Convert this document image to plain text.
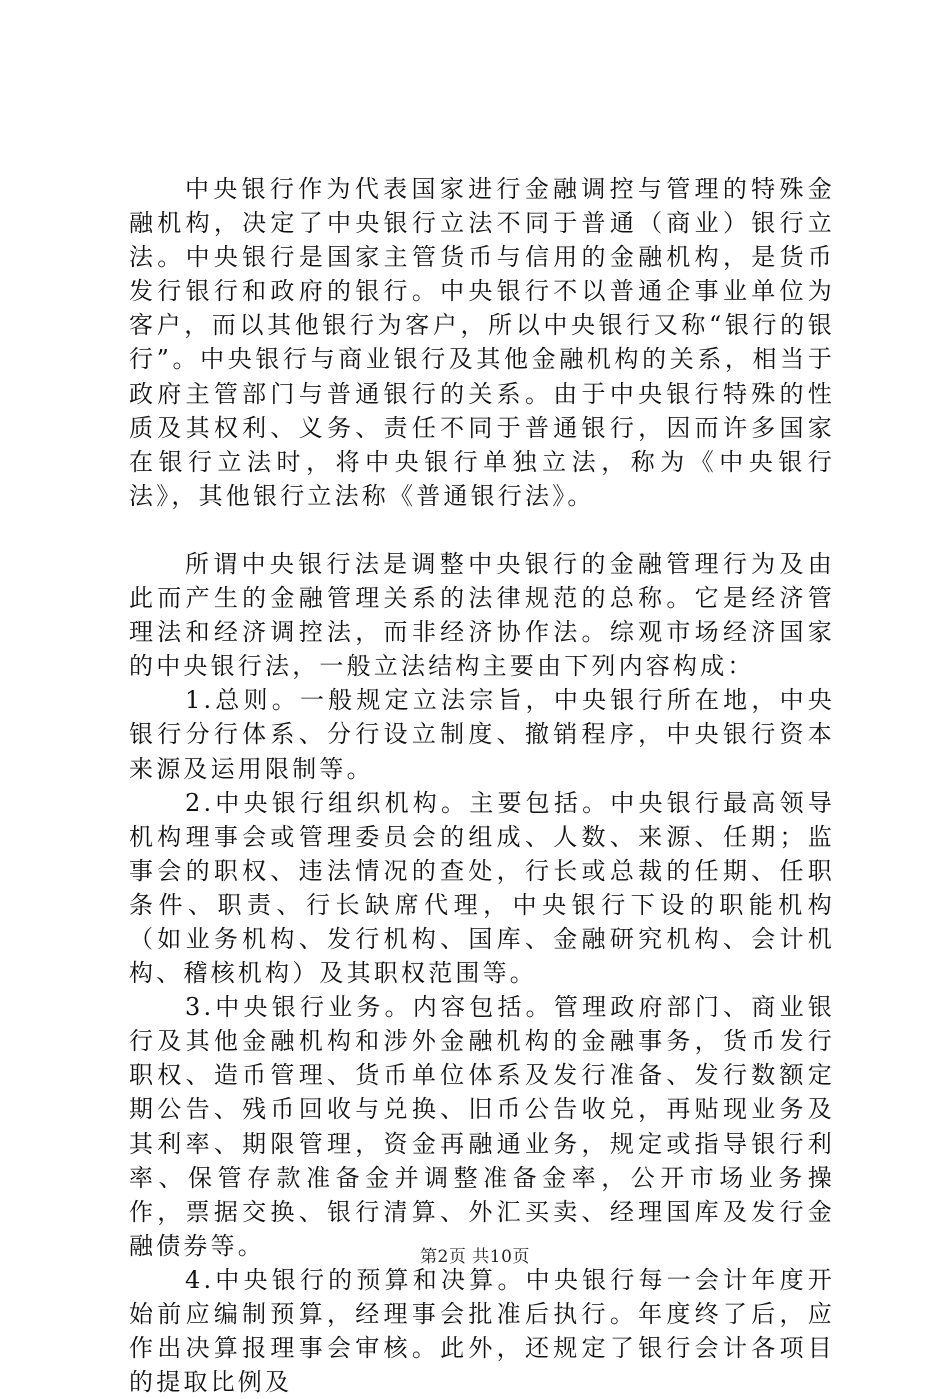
中央银行作为代表国家进行金融调控与管理的特殊金融机构，决定了中央银行立法不同于普通（商业）银行立法。中央银行是国家主管货币与信用的金融机构，是货币发行银行和政府的银行。中央银行不以普通企事业单位为客户，而以其他银行为客户，所以中央银行又称“银行的银行”。中央银行与商业银行及其他金融机构的关系，相当于政府主管部门与普通银行的关系。由于中央银行特殊的性质及其权利、义务、责任不同于普通银行，因而许多国家在银行立法时，将中央银行单独立法，称为《中央银行法》，其他银行立法称《普通银行法》。

所谓中央银行法是调整中央银行的金融管理行为及由此而产生的金融管理关系的法律规范的总称。它是经济管理法和经济调控法，而非经济协作法。综观市场经济国家的中央银行法，一般立法结构主要由下列内容构成：

1.总则。一般规定立法宗旨，中央银行所在地，中央银行分行体系、分行设立制度、撤销程序，中央银行资本来源及运用限制等。

2.中央银行组织机构。主要包括。中央银行最高领导机构理事会或管理委员会的组成、人数、来源、任期；监事会的职权、违法情况的查处，行长或总裁的任期、任职条件、职责、行长缺席代理，中央银行下设的职能机构（如业务机构、发行机构、国库、金融研究机构、会计机构、稽核机构）及其职权范围等。

3.中央银行业务。内容包括。管理政府部门、商业银行及其他金融机构和涉外金融机构的金融事务，货币发行职权、造币管理、货币单位体系及发行准备、发行数额定期公告、残币回收与兑换、旧币公告收兑，再贴现业务及其利率、期限管理，资金再融通业务，规定或指导银行利率、保管存款准备金并调整准备金率，公开市场业务操作，票据交换、银行清算、外汇买卖、经理国库及发行金融债券等。

4.中央银行的预算和决算。中央银行每一会计年度开始前应编制预算，经理事会批准后执行。年度终了后，应作出决算报理事会审核。此外，还规定了银行会计各项目的提取比例及

第2页 共10页
